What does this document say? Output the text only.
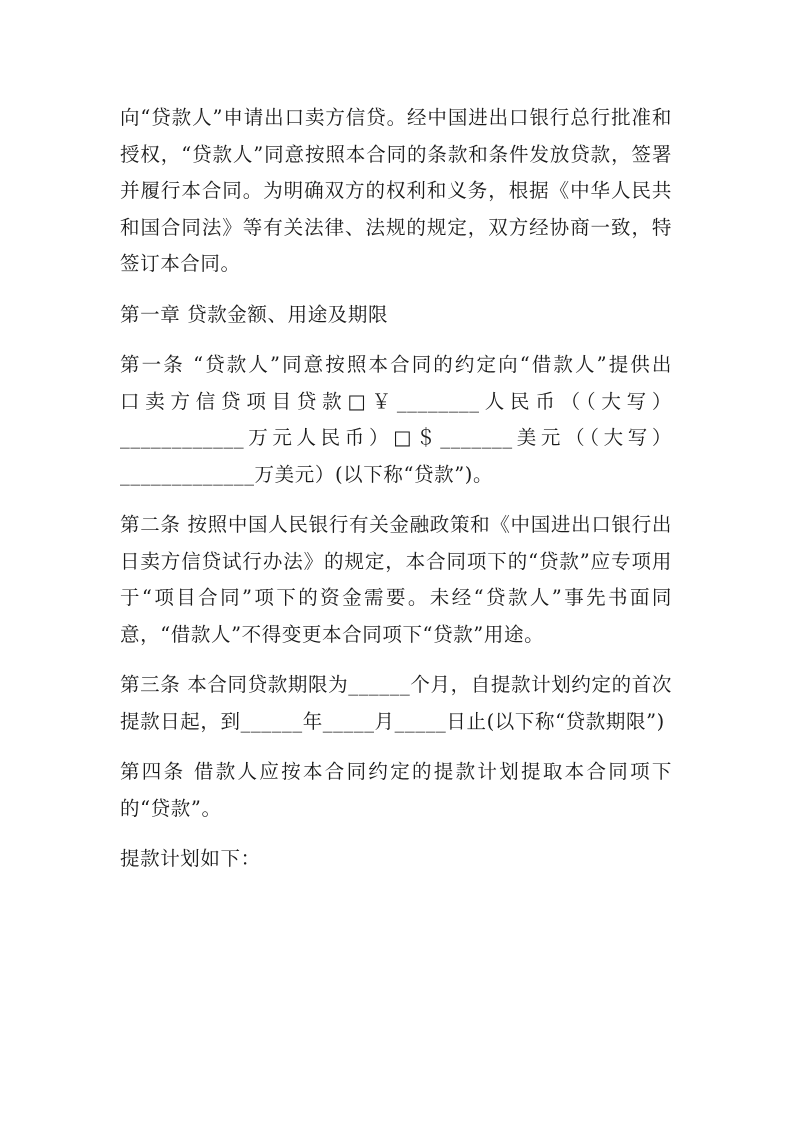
向“贷款人”申请出口卖方信贷。经中国进出口银行总行批准和授权，“贷款人”同意按照本合同的条款和条件发放贷款，签署并履行本合同。为明确双方的权利和义务，根据《中华人民共和国合同法》等有关法律、法规的规定，双方经协商一致，特签订本合同。

第一章 贷款金额、用途及期限

第一条 “贷款人”同意按照本合同的约定向“借款人”提供出
口卖方信贷项目贷款□￥________人民币（（大写）
____________万元人民币）□＄_______美元（（大写）
_____________万美元）(以下称“贷款”)。

第二条 按照中国人民银行有关金融政策和《中国进出口银行出日卖方信贷试行办法》的规定，本合同项下的“贷款”应专项用于“项目合同”项下的资金需要。未经“贷款人”事先书面同意，“借款人”不得变更本合同项下“贷款”用途。

第三条 本合同贷款期限为______个月，自提款计划约定的首次提款日起，到______年_____月_____日止(以下称“贷款期限”)

第四条 借款人应按本合同约定的提款计划提取本合同项下的“贷款”。

提款计划如下：
